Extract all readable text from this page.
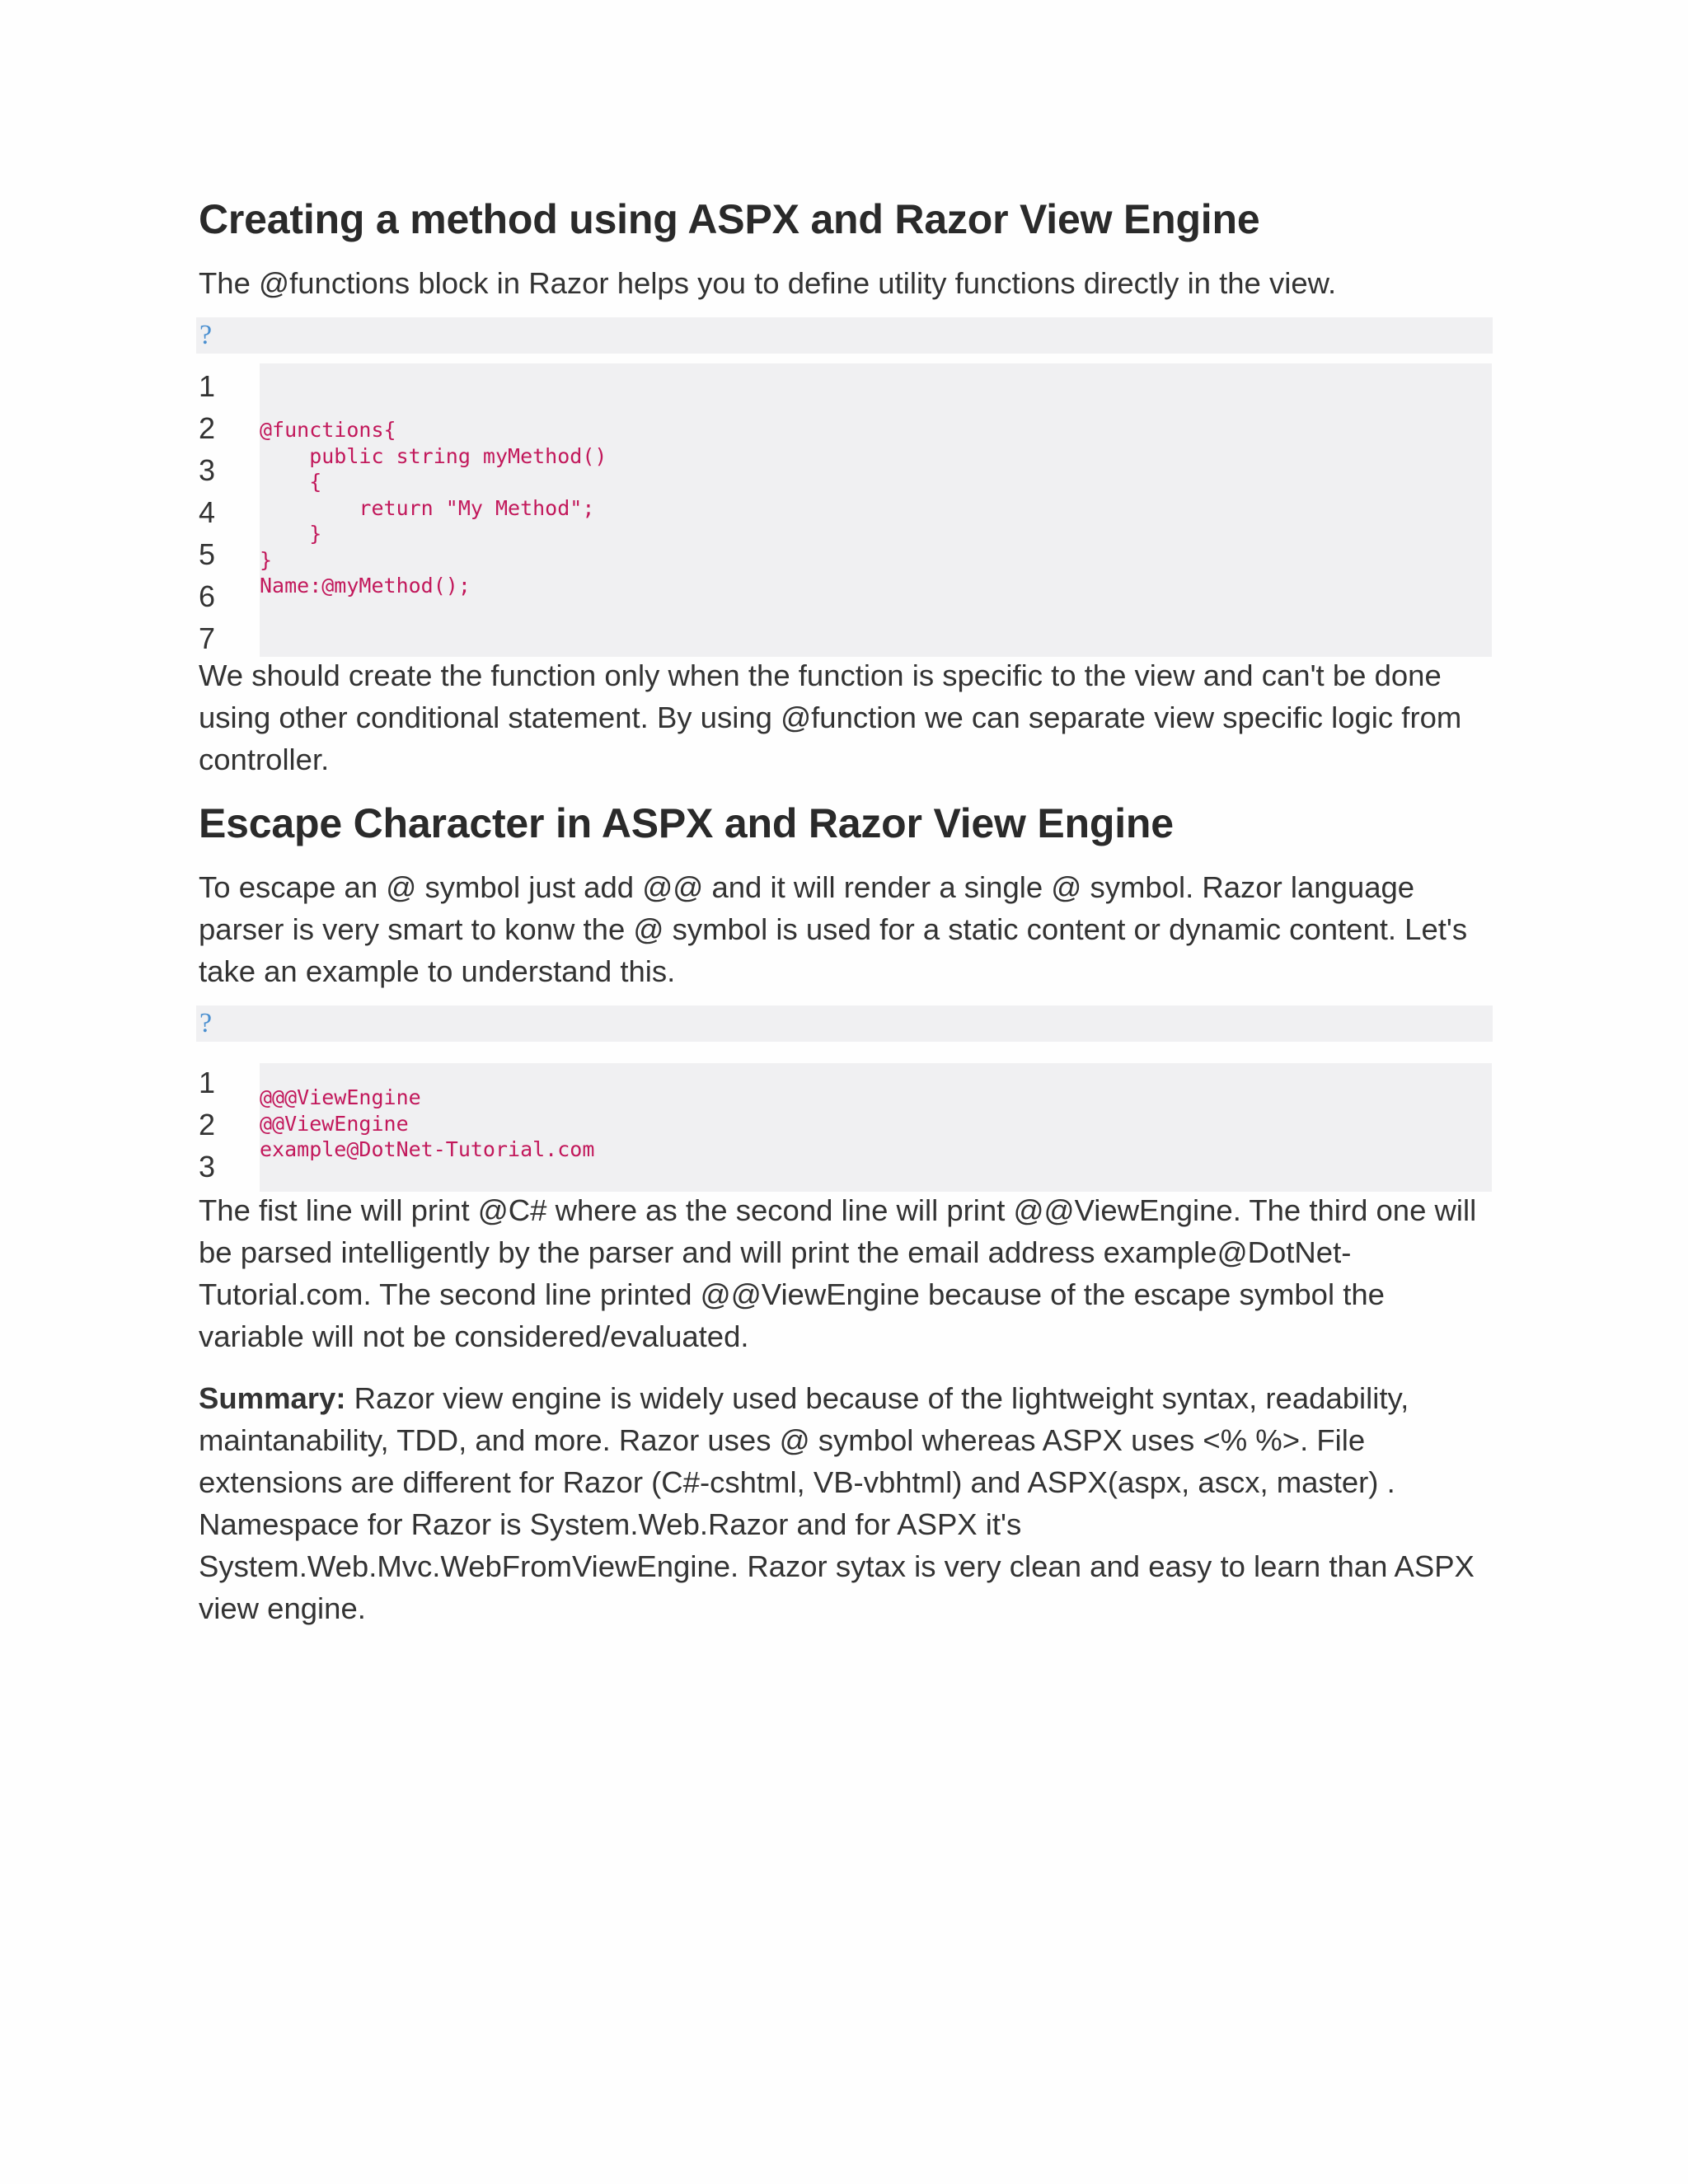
Creating a method using ASPX and Razor View Engine

The @functions block in Razor helps you to define utility functions directly in the view.

?
1
2
3
4
5
6
7
@functions{
public string myMethod()
{
return "My Method";
}
}
Name:@myMethod();

We should create the function only when the function is specific to the view and can't be done using other conditional statement. By using @function we can separate view specific logic from controller.

Escape Character in ASPX and Razor View Engine

To escape an @ symbol just add @@ and it will render a single @ symbol. Razor language parser is very smart to konw the @ symbol is used for a static content or dynamic content. Let's take an example to understand this.

?
1
2
3
@@@ViewEngine
@@ViewEngine
example@DotNet-Tutorial.com

The fist line will print @C# where as the second line will print @@ViewEngine. The third one will be parsed intelligently by the parser and will print the email address example@DotNet-Tutorial.com. The second line printed @@ViewEngine because of the escape symbol the variable will not be considered/evaluated.

Summary: Razor view engine is widely used because of the lightweight syntax, readability, maintanability, TDD, and more. Razor uses @ symbol whereas ASPX uses <% %>. File extensions are different for Razor (C#-cshtml, VB-vbhtml) and ASPX(aspx, ascx, master) . Namespace for Razor is System.Web.Razor and for ASPX it's System.Web.Mvc.WebFromViewEngine. Razor sytax is very clean and easy to learn than ASPX view engine.
